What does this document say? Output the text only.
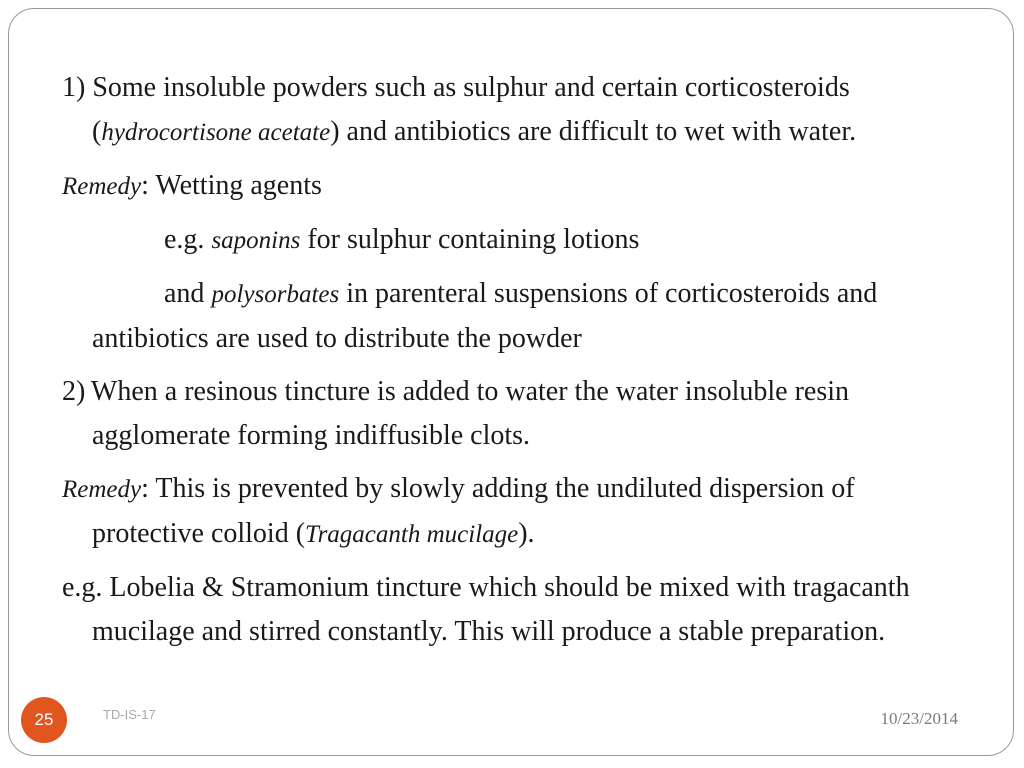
1) Some insoluble powders such as sulphur and certain corticosteroids (hydrocortisone acetate) and antibiotics are difficult to wet with water.

Remedy: Wetting agents

e.g. saponins for sulphur containing lotions

and polysorbates in parenteral suspensions of corticosteroids and antibiotics are used to distribute the powder

2) When a resinous tincture is added to water the water insoluble resin agglomerate forming indiffusible clots.

Remedy: This is prevented by slowly adding the undiluted dispersion of protective colloid (Tragacanth mucilage).

e.g. Lobelia & Stramonium tincture which should be mixed with tragacanth mucilage and stirred constantly. This will produce a stable preparation.

25	TD-IS-17	10/23/2014
